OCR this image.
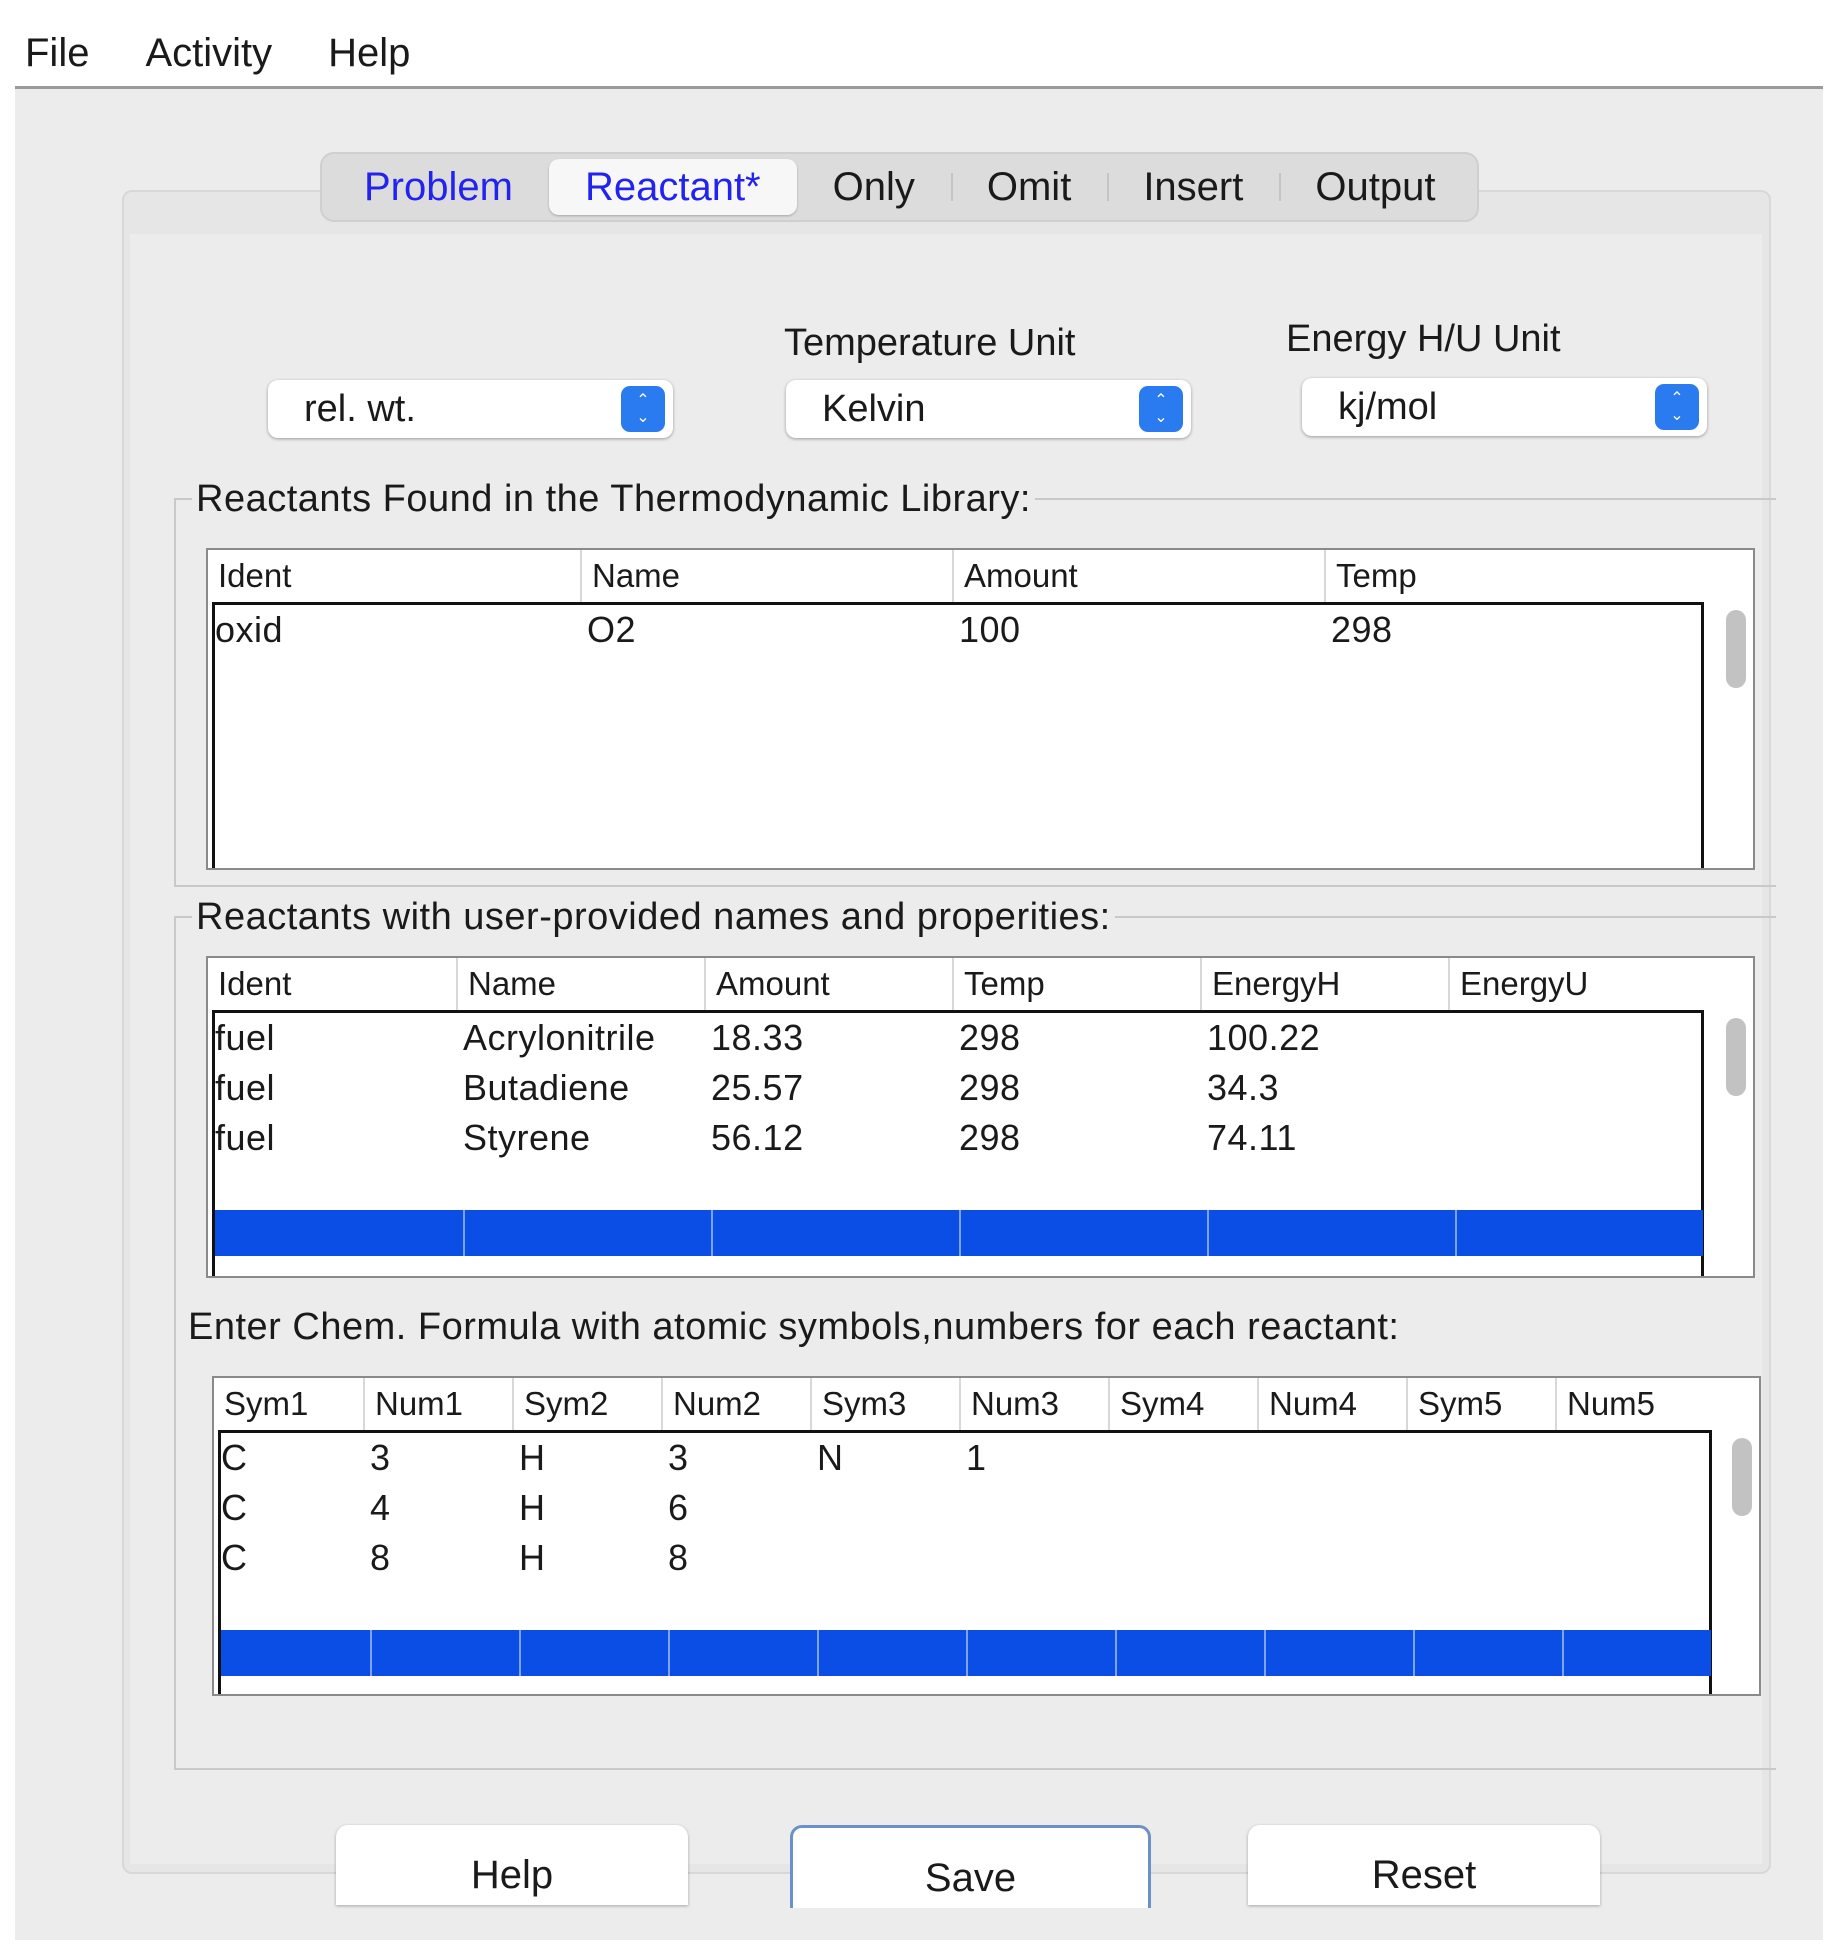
File	Activity	Help
Problem	Reactant*	Only	Omit	Insert	Output
rel. wt.	⌃
⌄
Temperature Unit
Kelvin	⌃
⌄
Energy H/U Unit
kj/mol	⌃
⌄
Reactants Found in the Thermodynamic Library:
Ident	Name	Amount	Temp
oxid	O2	100	298
Reactants with user-provided names and properities:
Ident	Name	Amount	Temp	EnergyH	EnergyU
fuel	Acrylonitrile 18.33	298	100.22
fuel	Butadiene 25.57	298	34.3
fuel	Styrene	56.12	298	74.11
Enter Chem. Formula with atomic symbols,numbers for each reactant:
Sym1	Num1	Sym2	Num2	Sym3	Num3	Sym4	Num4	Sym5	Num5
C	3	H	3	N	1
C	4	H	6
C	8	H	8
Help	Save	Reset
